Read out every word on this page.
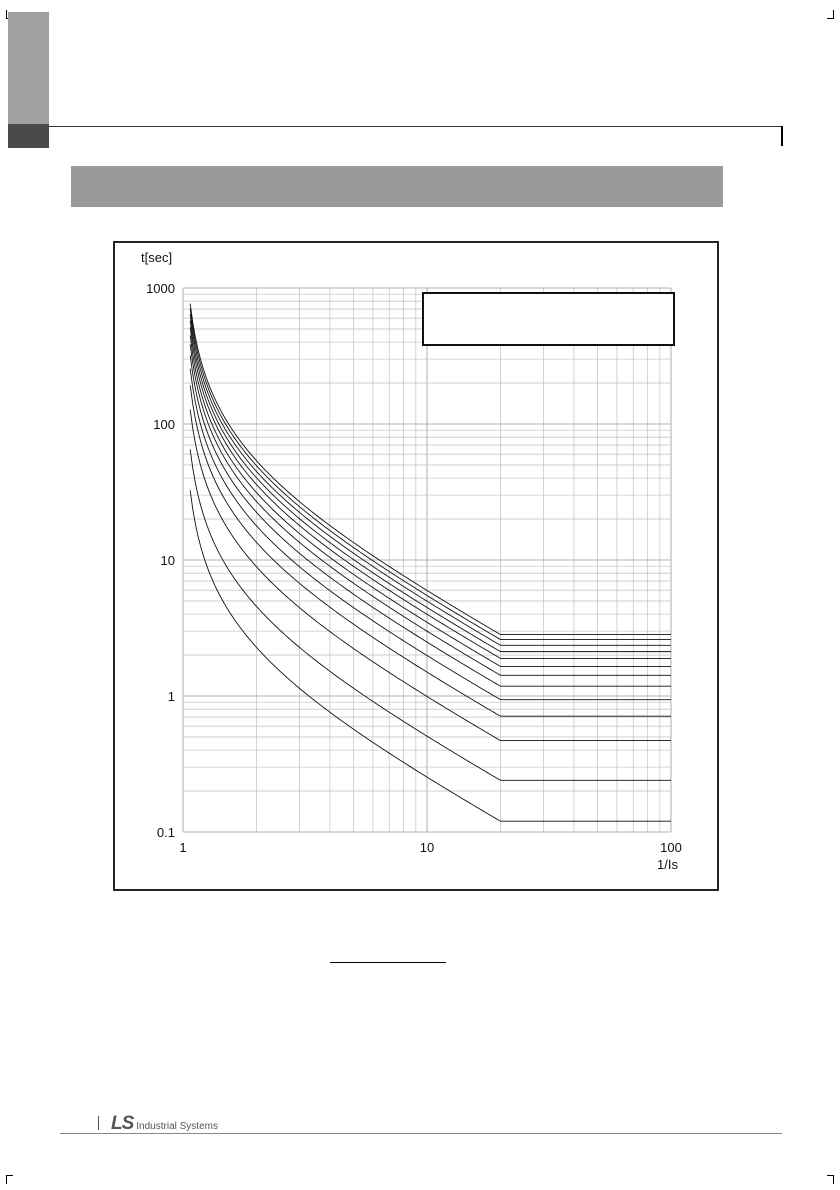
t[sec]
1/Is
0.1
1
10
100
1000
1	10	100
LS Industrial Systems
